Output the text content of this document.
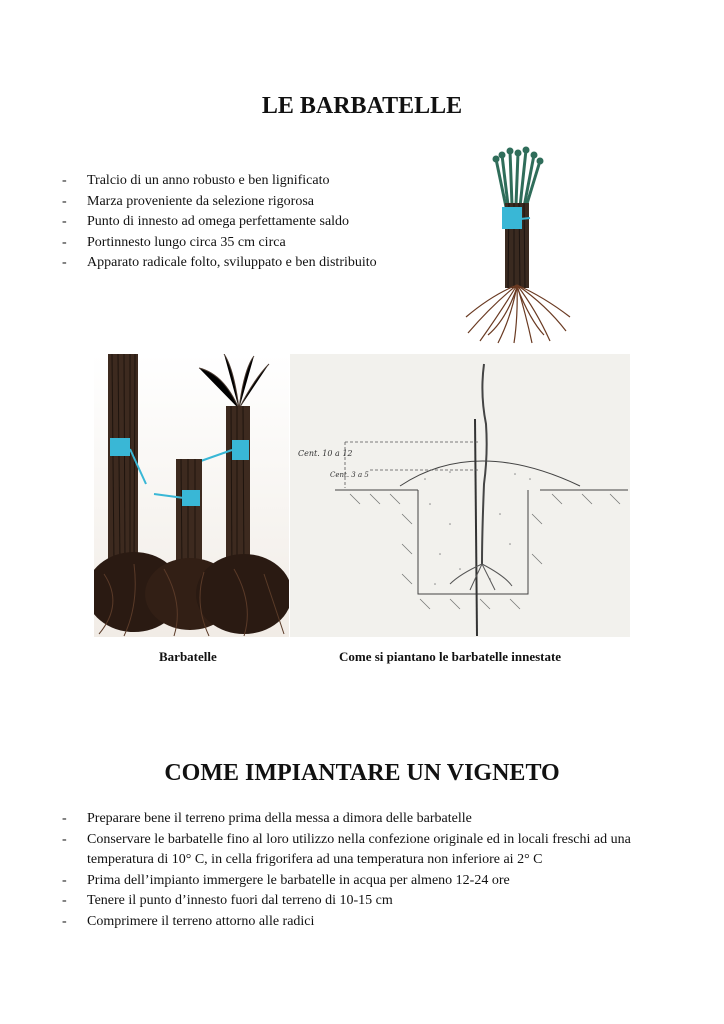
LE BARBATELLE
- Tralcio di un anno robusto e ben lignificato
- Marza proveniente da selezione rigorosa
- Punto di innesto ad omega perfettamente saldo
- Portinnesto lungo circa 35 cm circa
- Apparato radicale folto, sviluppato e ben distribuito
Cent. 10 a 12
Cent. 3 a 5
Barbatelle	Come si piantano le barbatelle innestate
COME IMPIANTARE UN VIGNETO
- Preparare bene il terreno prima della messa a dimora delle barbatelle
- Conservare le barbatelle fino al loro utilizzo nella confezione originale ed in locali freschi ad una temperatura di 10° C, in cella frigorifera ad una temperatura non inferiore ai 2° C
- Prima dell’impianto immergere le barbatelle in acqua per almeno 12-24 ore
- Tenere il punto d’innesto fuori dal terreno di 10-15 cm
- Comprimere il terreno attorno alle radici
